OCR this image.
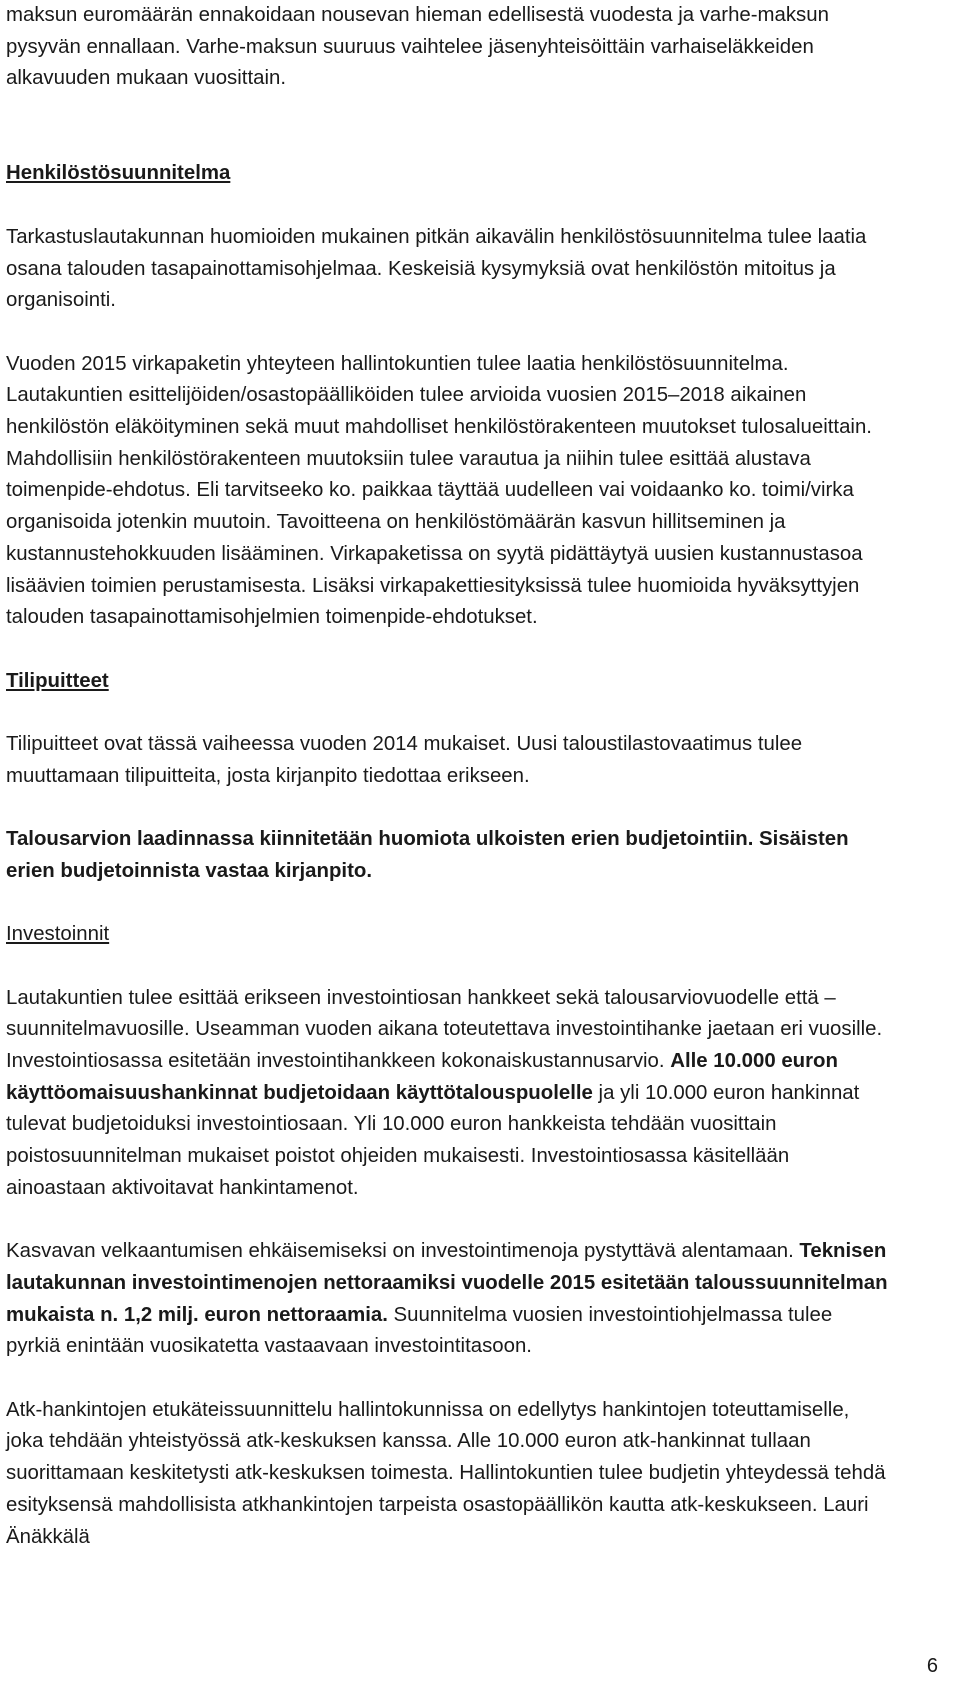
maksun euromäärän ennakoidaan nousevan hieman edellisestä vuodesta ja varhe-maksun pysyvän ennallaan. Varhe-maksun suuruus vaihtelee jäsenyhteisöittäin varhaiseläkkeiden alkavuuden mukaan vuosittain.

Henkilöstösuunnitelma

Tarkastuslautakunnan huomioiden mukainen pitkän aikavälin henkilöstösuunnitelma tulee laatia osana talouden tasapainottamisohjelmaa. Keskeisiä kysymyksiä ovat henkilöstön mitoitus ja organisointi.

Vuoden 2015 virkapaketin yhteyteen hallintokuntien tulee laatia henkilöstösuunnitelma. Lautakuntien esittelijöiden/osastopäälliköiden tulee arvioida vuosien 2015–2018 aikainen henkilöstön eläköityminen sekä muut mahdolliset henkilöstörakenteen muutokset tulosalueittain. Mahdollisiin henkilöstörakenteen muutoksiin tulee varautua ja niihin tulee esittää alustava toimenpide-ehdotus. Eli tarvitseeko ko. paikkaa täyttää uudelleen vai voidaanko ko. toimi/virka organisoida jotenkin muutoin. Tavoitteena on henkilöstömäärän kasvun hillitseminen ja kustannustehokkuuden lisääminen. Virkapaketissa on syytä pidättäytyä uusien kustannustasoa lisäävien toimien perustamisesta. Lisäksi virkapakettiesityksissä tulee huomioida hyväksyttyjen talouden tasapainottamisohjelmien toimenpide-ehdotukset.

Tilipuitteet

Tilipuitteet ovat tässä vaiheessa vuoden 2014 mukaiset. Uusi taloustilastovaatimus tulee muuttamaan tilipuitteita, josta kirjanpito tiedottaa erikseen.

Talousarvion laadinnassa kiinnitetään huomiota ulkoisten erien budjetointiin. Sisäisten erien budjetoinnista vastaa kirjanpito.

Investoinnit

Lautakuntien tulee esittää erikseen investointiosan hankkeet sekä talousarviovuodelle että – suunnitelmavuosille. Useamman vuoden aikana toteutettava investointihanke jaetaan eri vuosille. Investointiosassa esitetään investointihankkeen kokonaiskustannusarvio. Alle 10.000 euron käyttöomaisuushankinnat budjetoidaan käyttötalouspuolelle ja yli 10.000 euron hankinnat tulevat budjetoiduksi investointiosaan. Yli 10.000 euron hankkeista tehdään vuosittain poistosuunnitelman mukaiset poistot ohjeiden mukaisesti. Investointiosassa käsitellään ainoastaan aktivoitavat hankintamenot.

Kasvavan velkaantumisen ehkäisemiseksi on investointimenoja pystyttävä alentamaan. Teknisen lautakunnan investointimenojen nettoraamiksi vuodelle 2015 esitetään taloussuunnitelman mukaista n. 1,2 milj. euron nettoraamia. Suunnitelma vuosien investointiohjelmassa tulee pyrkiä enintään vuosikatetta vastaavaan investointitasoon.

Atk-hankintojen etukäteissuunnittelu hallintokunnissa on edellytys hankintojen toteuttamiselle, joka tehdään yhteistyössä atk-keskuksen kanssa. Alle 10.000 euron atk-hankinnat tullaan suorittamaan keskitetysti atk-keskuksen toimesta. Hallintokuntien tulee budjetin yhteydessä tehdä esityksensä mahdollisista atkhankintojen tarpeista osastopäällikön kautta atk-keskukseen. Lauri Änäkkälä

6
